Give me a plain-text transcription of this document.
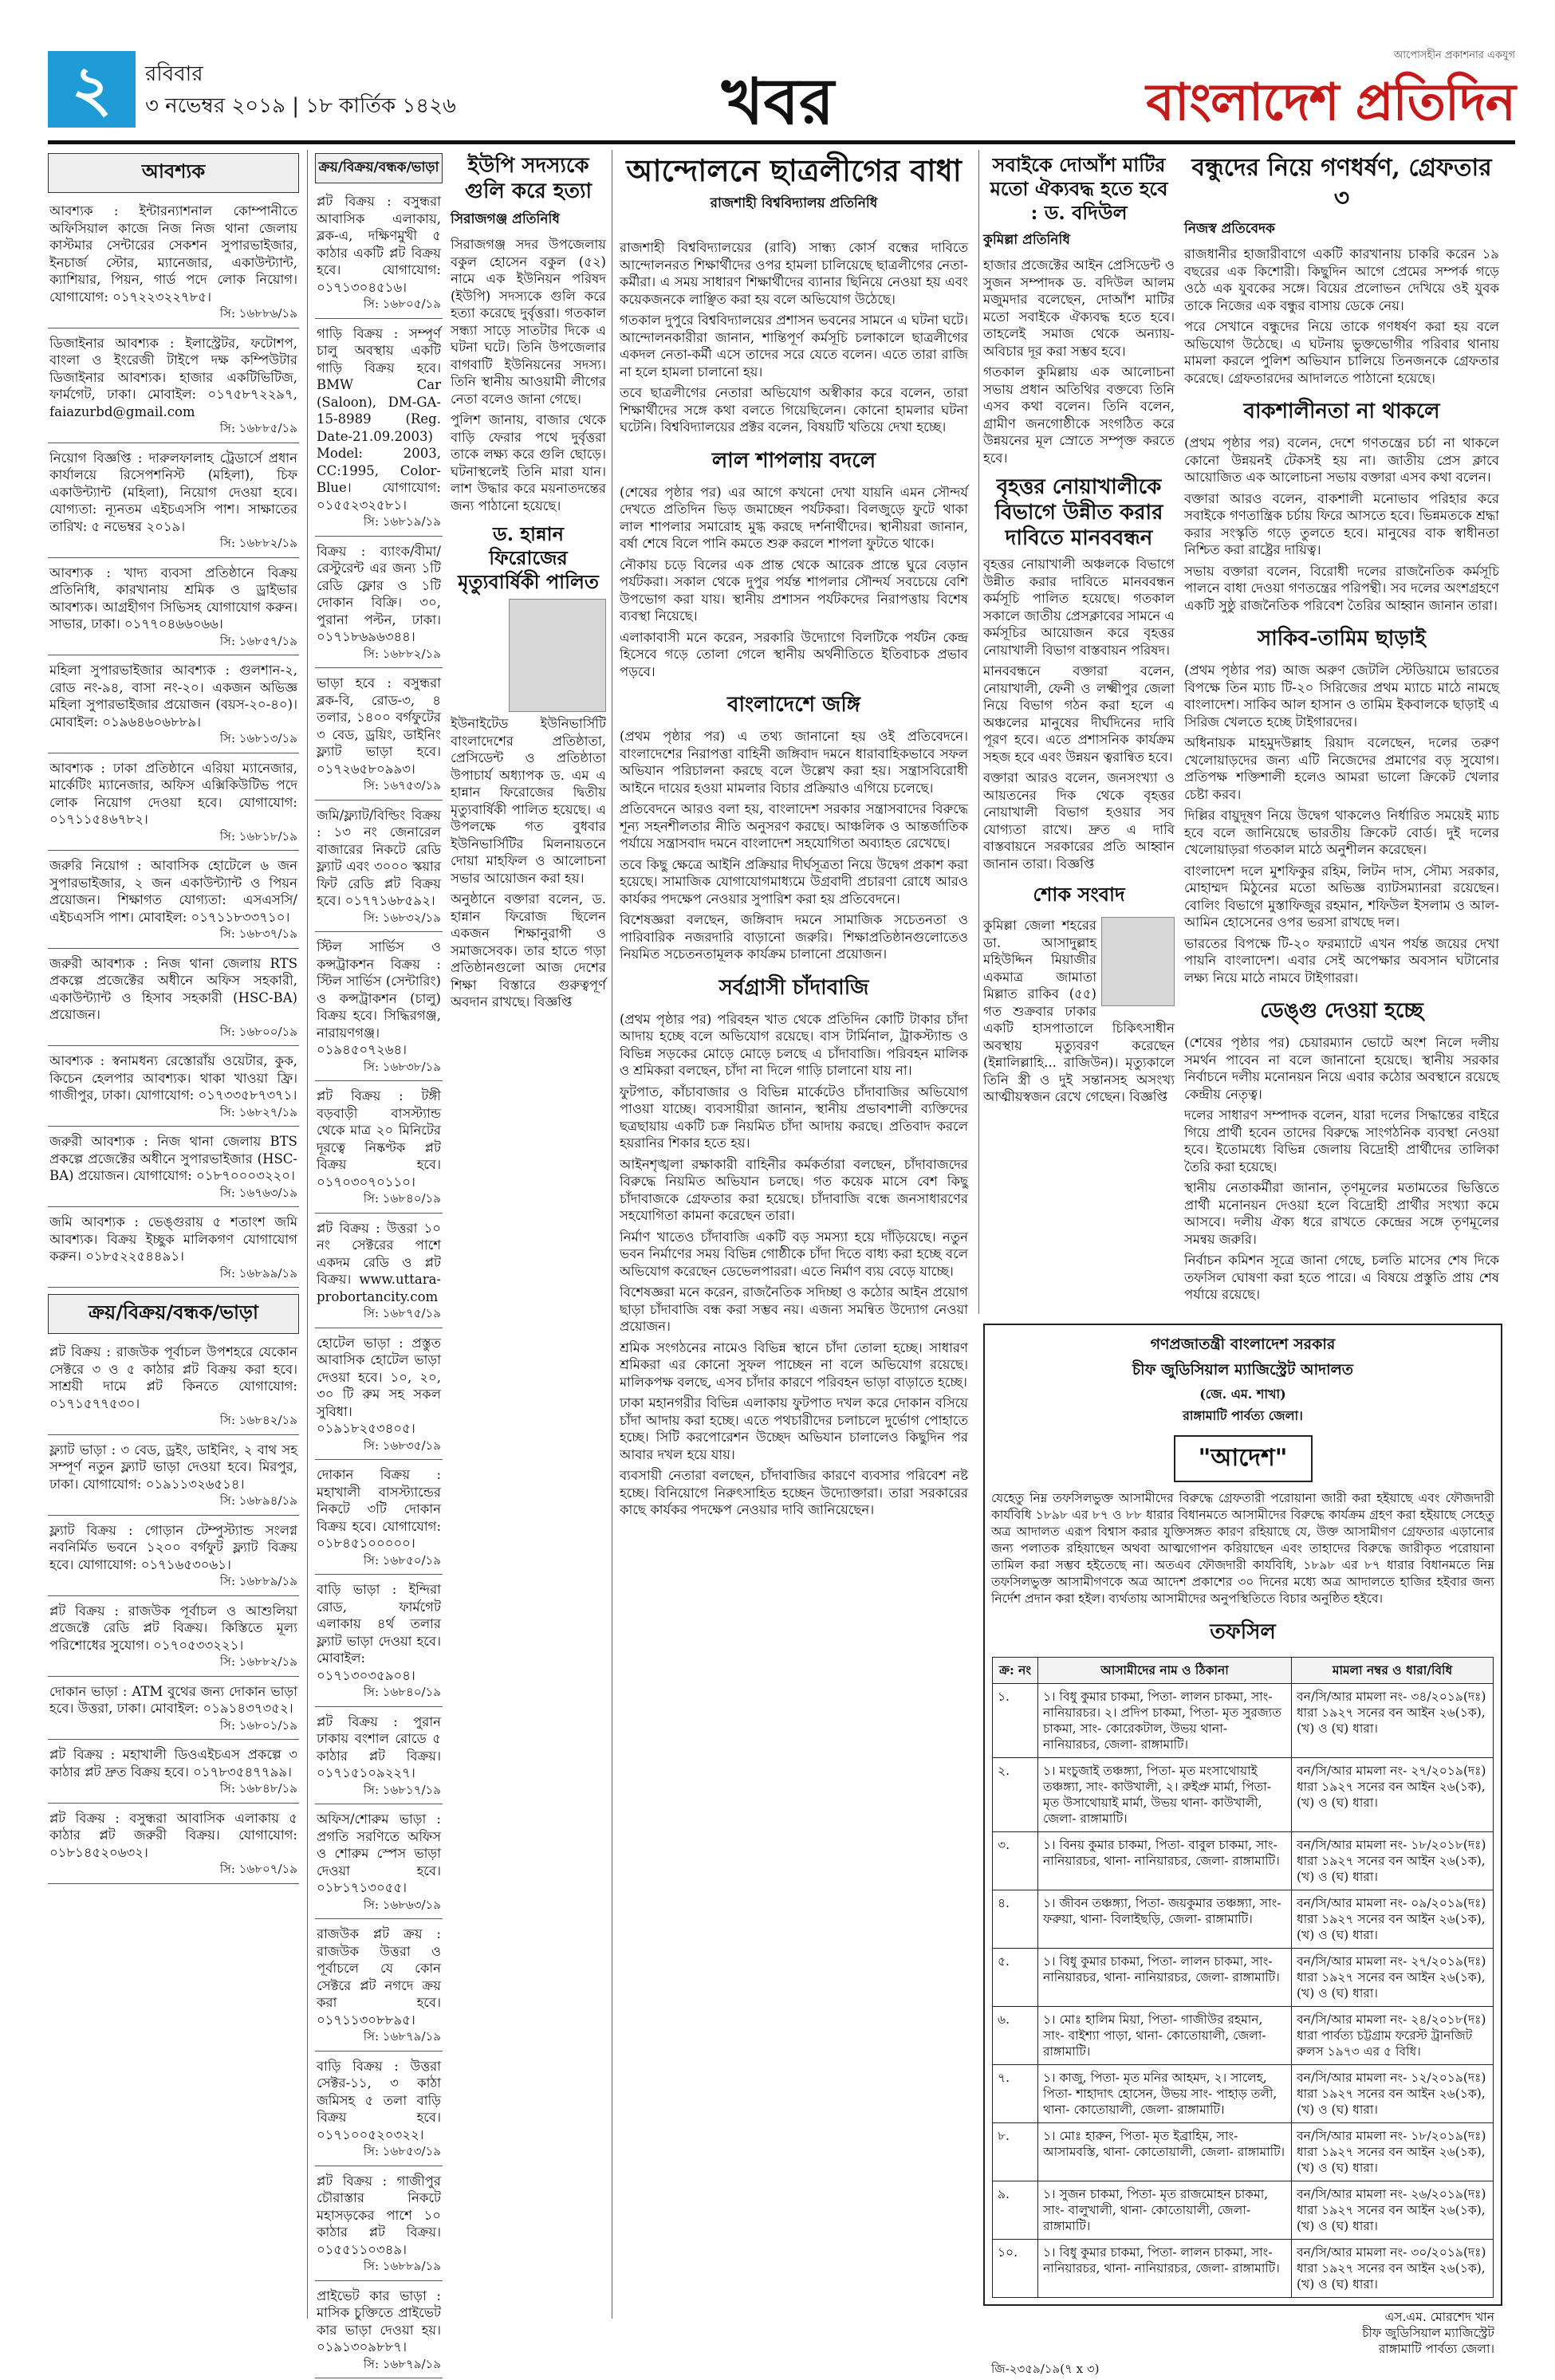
২	রবিবার
৩ নভেম্বর ২০১৯ | ১৮ কার্তিক ১৪২৬	খবর
আপোসহীন প্রকাশনার একযুগ
বাংলাদেশ প্রতিদিন
আবশ্যক
আবশ্যক : ইন্টারন্যাশনাল কোম্পানীতে অফিসিয়াল কাজে নিজ নিজ থানা জেলায় কাস্টমার সেন্টারের সেকশন সুপারভাইজার, ইনচার্জ স্টোর, ম্যানেজার, একাউন্ট্যান্ট, ক্যাশিয়ার, পিয়ন, গার্ড পদে লোক নিয়োগ। যোগাযোগ: ০১৭২২৩২২৭৮৫।
সি: ১৬৮৮৬/১৯
ডিজাইনার আবশ্যক : ইলাস্ট্রেটর, ফটোশপ, বাংলা ও ইংরেজী টাইপে দক্ষ কম্পিউটার ডিজাইনার আবশ্যক। হাজার একটিভিটিজ, ফার্মগেট, ঢাকা। মোবাইল: ০১৭৫৮৭২২৯৭, faiazurbd@gmail.com
সি: ১৬৮৮৫/১৯
নিয়োগ বিজ্ঞপ্তি : দারুলফালাহ ট্রেডার্সে প্রধান কার্যালয়ে রিসেপশনিস্ট (মহিলা), চিফ একাউন্ট্যান্ট (মহিলা), নিয়োগ দেওয়া হবে। যোগ্যতা: ন্যূনতম এইচএসসি পাশ। সাক্ষাতের তারিখ: ৫ নভেম্বর ২০১৯।
সি: ১৬৮৮২/১৯
আবশ্যক : খাদ্য ব্যবসা প্রতিষ্ঠানে বিক্রয় প্রতিনিধি, কারখানায় শ্রমিক ও ড্রাইভার আবশ্যক। আগ্রহীগণ সিভিসহ যোগাযোগ করুন। সাভার, ঢাকা। ০১৭৭০৪৬৬০৬৬।
সি: ১৬৮৫৭/১৯
মহিলা সুপারভাইজার আবশ্যক : গুলশান-২, রোড নং-৯৪, বাসা নং-২০। একজন অভিজ্ঞ মহিলা সুপারভাইজার প্রয়োজন (বয়স-২০-৪০)। মোবাইল: ০১৯৬৪৬০৬৮৮৯।
সি: ১৬৮১৩/১৯
আবশ্যক : ঢাকা প্রতিষ্ঠানে এরিয়া ম্যানেজার, মার্কেটিং ম্যানেজার, অফিস এক্সিকিউটিভ পদে লোক নিয়োগ দেওয়া হবে। যোগাযোগ: ০১৭১১৫৪৬৭৮২।
সি: ১৬৮১৮/১৯
জরুরি নিয়োগ : আবাসিক হোটেলে ৬ জন সুপারভাইজার, ২ জন একাউন্ট্যান্ট ও পিয়ন প্রয়োজন। শিক্ষাগত যোগ্যতা: এসএসসি/এইচএসসি পাশ। মোবাইল: ০১৭১১৮৩৩৭১০।
সি: ১৬৮৩৭/১৯
জরুরী আবশ্যক : নিজ থানা জেলায় RTS প্রকল্পে প্রজেক্টের অধীনে অফিস সহকারী, একাউন্ট্যান্ট ও হিসাব সহকারী (HSC-BA) প্রয়োজন।
সি: ১৬৮০০/১৯
আবশ্যক : স্বনামধন্য রেস্তোরাঁয় ওয়েটার, কুক, কিচেন হেলপার আবশ্যক। থাকা খাওয়া ফ্রি। গাজীপুর, ঢাকা। যোগাযোগ: ০১৭৩৩৫৮৭৩৭১।
সি: ১৬৮২৭/১৯
জরুরী আবশ্যক : নিজ থানা জেলায় BTS প্রকল্পে প্রজেক্টের অধীনে সুপারভাইজার (HSC-BA) প্রয়োজন। যোগাযোগ: ০১৮৭০০০৩২২০।
সি: ১৬৭৬৩/১৯
জমি আবশ্যক : ভেঙ্গুরায় ৫ শতাংশ জমি আবশ্যক। বিক্রয় ইচ্ছুক মালিকগণ যোগাযোগ করুন। ০১৮৫২২৫৪৪৯১।
সি: ১৬৮৯৯/১৯
ক্রয়/বিক্রয়/বন্ধক/ভাড়া
প্লট বিক্রয় : রাজউক পূর্বাচল উপশহরে যেকোন সেক্টরে ৩ ও ৫ কাঠার প্লট বিক্রয় করা হবে। সাশ্রয়ী দামে প্লট কিনতে যোগাযোগ: ০১৭১৫৭৭৫৩০।
সি: ১৬৮৪২/১৯
ফ্ল্যাট ভাড়া : ৩ বেড, ড্রইং, ডাইনিং, ২ বাথ সহ সম্পূর্ণ নতুন ফ্ল্যাট ভাড়া দেওয়া হবে। মিরপুর, ঢাকা। যোগাযোগ: ০১৯১১৩২৬৫১৪।
সি: ১৬৮৯৪/১৯
ফ্ল্যাট বিক্রয় : গোড়ান টেম্পুস্ট্যান্ড সংলগ্ন নবনির্মিত ভবনে ১২০০ বর্গফুট ফ্ল্যাট বিক্রয় হবে। যোগাযোগ: ০১৭১৬৫৩০৬১।
সি: ১৬৮৮৯/১৯
প্লট বিক্রয় : রাজউক পূর্বাচল ও আশুলিয়া প্রজেক্টে রেডি প্লট বিক্রয়। কিস্তিতে মূল্য পরিশোধের সুযোগ। ০১৭০৫৩৩২২১।
সি: ১৬৮৮২/১৯
দোকান ভাড়া : ATM বুথের জন্য দোকান ভাড়া হবে। উত্তরা, ঢাকা। মোবাইল: ০১৯১৪৩৭৩৫২।
সি: ১৬৮০১/১৯
প্লট বিক্রয় : মহাখালী ডিওএইচএস প্রকল্পে ৩ কাঠার প্লট দ্রুত বিক্রয় হবে। ০১৭৮৩৫৪৭৭৯৯।
সি: ১৬৮৪৮/১৯
প্লট বিক্রয় : বসুন্ধরা আবাসিক এলাকায় ৫ কাঠার প্লট জরুরী বিক্রয়। যোগাযোগ: ০১৮১৪৫২০৬৩২।
সি: ১৬৮০৭/১৯
ক্রয়/বিক্রয়/বন্ধক/ভাড়া
প্লট বিক্রয় : বসুন্ধরা আবাসিক এলাকায়, ব্লক-এ, দক্ষিণমুখী ৫ কাঠার একটি প্লট বিক্রয় হবে। যোগাযোগ: ০১৭১৩০৪৫১৬।
সি: ১৬৮০৫/১৯
গাড়ি বিক্রয় : সম্পূর্ণ চালু অবস্থায় একটি গাড়ি বিক্রয় হবে। BMW Car (Saloon), DM-GA-15-8989 (Reg. Date-21.09.2003) Model: 2003, CC:1995, Color-Blue। যোগাযোগ: ০১৫৫২৩২৫৮১।
সি: ১৬৮১৯/১৯
বিক্রয় : ব্যাংক/বীমা/রেস্টুরেন্ট এর জন্য ১টি রেডি ফ্লোর ও ১টি দোকান বিক্রি। ৩০, পুরানা পল্টন, ঢাকা। ০১৭১৮৬৯৬৩৪৪।
সি: ১৬৮৮২/১৯
ভাড়া হবে : বসুন্ধরা ব্লক-বি, রোড-৩, ৪ তলার, ১৪০০ বর্গফুটের ৩ বেড, ড্রয়িং, ডাইনিং ফ্ল্যাট ভাড়া হবে। ০১৭২৬৫৮০৯৯৩।
সি: ১৬৭৫৩/১৯
জমি/ফ্ল্যাট/বিল্ডিং বিক্রয় : ১৩ নং জেনারেল বাজারের নিকটে রেডি ফ্ল্যাট এবং ৩০০০ স্কয়ার ফিট রেডি প্লট বিক্রয় হবে। ০১৭৭১৬৮৫৯২।
সি: ১৬৮৩২/১৯
স্টিল সার্ভিস ও কন্সট্রাকশন বিক্রয় : স্টিল সার্ভিস (সেন্টারিং) ও কন্সট্রাকশন (চালু) বিক্রয় হবে। সিদ্ধিরগঞ্জ, নারায়ণগঞ্জ। ০১৯৪৫০৭২৬৪।
সি: ১৬৮৩৮/১৯
প্লট বিক্রয় : টঙ্গী বড়বাড়ী বাসস্ট্যান্ড থেকে মাত্র ২০ মিনিটের দূরত্বে নিষ্কণ্টক প্লট বিক্রয় হবে। ০১৭০৩০৭০১১০।
সি: ১৬৮৪০/১৯
প্লট বিক্রয় : উত্তরা ১০ নং সেক্টরের পাশে একদম রেডি ও প্লট বিক্রয়। www.uttara-probortancity.com
সি: ১৬৮৭৫/১৯
হোটেল ভাড়া : প্রস্তুত আবাসিক হোটেল ভাড়া দেওয়া হবে। ১০, ২০, ৩০ টি রুম সহ সকল সুবিধা। ০১৯১৮২৫৩৪০৫।
সি: ১৬৮৩৫/১৯
দোকান বিক্রয় : মহাখালী বাসস্ট্যান্ডের নিকটে ৩টি দোকান বিক্রয় হবে। যোগাযোগ: ০১৮৪৫১০০০০০।
সি: ১৬৮৫০/১৯
বাড়ি ভাড়া : ইন্দিরা রোড, ফার্মগেট এলাকায় ৪র্থ তলার ফ্ল্যাট ভাড়া দেওয়া হবে। মোবাইল: ০১৭১৩০৩৫৯০৪।
সি: ১৬৮৪০/১৯
প্লট বিক্রয় : পুরান ঢাকায় বংশাল রোডে ৫ কাঠার প্লট বিক্রয়। ০১৭১৫১০৯২২৭।
সি: ১৬৮১৭/১৯
অফিস/শোরুম ভাড়া : প্রগতি সরণিতে অফিস ও শোরুম স্পেস ভাড়া দেওয়া হবে। ০১৮১৭১৩০৫৫।
সি: ১৬৮৬৩/১৯
রাজউক প্লট ক্রয় : রাজউক উত্তরা ও পূর্বাচলে যে কোন সেক্টরে প্লট নগদে ক্রয় করা হবে। ০১৭১১৩০৮৮৯৫।
সি: ১৬৮৭৯/১৯
বাড়ি বিক্রয় : উত্তরা সেক্টর-১১, ৩ কাঠা জমিসহ ৫ তলা বাড়ি বিক্রয় হবে। ০১৭১০০৫২০৩২২।
সি: ১৬৮৫৩/১৯
প্লট বিক্রয় : গাজীপুর চৌরাস্তার নিকটে মহাসড়কের পাশে ১০ কাঠার প্লট বিক্রয়। ০১৫৫১১০৩৪৯।
সি: ১৬৮৮৯/১৯
প্রাইভেট কার ভাড়া : মাসিক চুক্তিতে প্রাইভেট কার ভাড়া দেওয়া হয়। ০১৯১৩০৯৮৮৭।
সি: ১৬৮৭৯/১৯
ইউপি সদস্যকে গুলি করে হত্যা
সিরাজগঞ্জ প্রতিনিধি

সিরাজগঞ্জ সদর উপজেলায় বকুল হোসেন বকুল (৫২) নামে এক ইউনিয়ন পরিষদ (ইউপি) সদস্যকে গুলি করে হত্যা করেছে দুর্বৃত্তরা। গতকাল সন্ধ্যা সাড়ে সাতটার দিকে এ ঘটনা ঘটে। তিনি উপজেলার বাগবাটি ইউনিয়নের সদস্য। তিনি স্থানীয় আওয়ামী লীগের নেতা বলেও জানা গেছে।

পুলিশ জানায়, বাজার থেকে বাড়ি ফেরার পথে দুর্বৃত্তরা তাকে লক্ষ্য করে গুলি ছোড়ে। ঘটনাস্থলেই তিনি মারা যান। লাশ উদ্ধার করে ময়নাতদন্তের জন্য পাঠানো হয়েছে।

ড. হান্নান ফিরোজের মৃত্যুবার্ষিকী পালিত

ইউনাইটেড ইউনিভার্সিটি বাংলাদেশের প্রতিষ্ঠাতা, প্রেসিডেন্ট ও প্রতিষ্ঠাতা উপাচার্য অধ্যাপক ড. এম এ হান্নান ফিরোজের দ্বিতীয় মৃত্যুবার্ষিকী পালিত হয়েছে। এ উপলক্ষে গত বুধবার ইউনিভার্সিটির মিলনায়তনে দোয়া মাহফিল ও আলোচনা সভার আয়োজন করা হয়।

অনুষ্ঠানে বক্তারা বলেন, ড. হান্নান ফিরোজ ছিলেন একজন শিক্ষানুরাগী ও সমাজসেবক। তার হাতে গড়া প্রতিষ্ঠানগুলো আজ দেশের শিক্ষা বিস্তারে গুরুত্বপূর্ণ অবদান রাখছে। বিজ্ঞপ্তি

আন্দোলনে ছাত্রলীগের বাধা
রাজশাহী বিশ্ববিদ্যালয় প্রতিনিধি

রাজশাহী বিশ্ববিদ্যালয়ের (রাবি) সান্ধ্য কোর্স বন্ধের দাবিতে আন্দোলনরত শিক্ষার্থীদের ওপর হামলা চালিয়েছে ছাত্রলীগের নেতা-কর্মীরা। এ সময় সাধারণ শিক্ষার্থীদের ব্যানার ছিনিয়ে নেওয়া হয় এবং কয়েকজনকে লাঞ্ছিত করা হয় বলে অভিযোগ উঠেছে।

গতকাল দুপুরে বিশ্ববিদ্যালয়ের প্রশাসন ভবনের সামনে এ ঘটনা ঘটে। আন্দোলনকারীরা জানান, শান্তিপূর্ণ কর্মসূচি চলাকালে ছাত্রলীগের একদল নেতা-কর্মী এসে তাদের সরে যেতে বলেন। এতে তারা রাজি না হলে হামলা চালানো হয়।

তবে ছাত্রলীগের নেতারা অভিযোগ অস্বীকার করে বলেন, তারা শিক্ষার্থীদের সঙ্গে কথা বলতে গিয়েছিলেন। কোনো হামলার ঘটনা ঘটেনি। বিশ্ববিদ্যালয়ের প্রক্টর বলেন, বিষয়টি খতিয়ে দেখা হচ্ছে।

লাল শাপলায় বদলে

(শেষের পৃষ্ঠার পর) এর আগে কখনো দেখা যায়নি এমন সৌন্দর্য দেখতে প্রতিদিন ভিড় জমাচ্ছেন পর্যটকরা। বিলজুড়ে ফুটে থাকা লাল শাপলার সমারোহ মুগ্ধ করছে দর্শনার্থীদের। স্থানীয়রা জানান, বর্ষা শেষে বিলে পানি কমতে শুরু করলে শাপলা ফুটতে থাকে।

নৌকায় চড়ে বিলের এক প্রান্ত থেকে আরেক প্রান্তে ঘুরে বেড়ান পর্যটকরা। সকাল থেকে দুপুর পর্যন্ত শাপলার সৌন্দর্য সবচেয়ে বেশি উপভোগ করা যায়। স্থানীয় প্রশাসন পর্যটকদের নিরাপত্তায় বিশেষ ব্যবস্থা নিয়েছে।

এলাকাবাসী মনে করেন, সরকারি উদ্যোগে বিলটিকে পর্যটন কেন্দ্র হিসেবে গড়ে তোলা গেলে স্থানীয় অর্থনীতিতে ইতিবাচক প্রভাব পড়বে।

বাংলাদেশে জঙ্গি

(প্রথম পৃষ্ঠার পর) এ তথ্য জানানো হয় ওই প্রতিবেদনে। বাংলাদেশের নিরাপত্তা বাহিনী জঙ্গিবাদ দমনে ধারাবাহিকভাবে সফল অভিযান পরিচালনা করছে বলে উল্লেখ করা হয়। সন্ত্রাসবিরোধী আইনে দায়ের হওয়া মামলার বিচার প্রক্রিয়াও এগিয়ে চলেছে।

প্রতিবেদনে আরও বলা হয়, বাংলাদেশ সরকার সন্ত্রাসবাদের বিরুদ্ধে শূন্য সহনশীলতার নীতি অনুসরণ করছে। আঞ্চলিক ও আন্তর্জাতিক পর্যায়ে সন্ত্রাসবাদ দমনে বাংলাদেশ সহযোগিতা অব্যাহত রেখেছে।

তবে কিছু ক্ষেত্রে আইনি প্রক্রিয়ার দীর্ঘসূত্রতা নিয়ে উদ্বেগ প্রকাশ করা হয়েছে। সামাজিক যোগাযোগমাধ্যমে উগ্রবাদী প্রচারণা রোধে আরও কার্যকর পদক্ষেপ নেওয়ার সুপারিশ করা হয় প্রতিবেদনে।

বিশেষজ্ঞরা বলছেন, জঙ্গিবাদ দমনে সামাজিক সচেতনতা ও পারিবারিক নজরদারি বাড়ানো জরুরি। শিক্ষাপ্রতিষ্ঠানগুলোতেও নিয়মিত সচেতনতামূলক কার্যক্রম চালানো প্রয়োজন।

সর্বগ্রাসী চাঁদাবাজি

(প্রথম পৃষ্ঠার পর) পরিবহন খাত থেকে প্রতিদিন কোটি টাকার চাঁদা আদায় হচ্ছে বলে অভিযোগ রয়েছে। বাস টার্মিনাল, ট্রাকস্ট্যান্ড ও বিভিন্ন সড়কের মোড়ে মোড়ে চলছে এ চাঁদাবাজি। পরিবহন মালিক ও শ্রমিকরা বলছেন, চাঁদা না দিলে গাড়ি চালানো যায় না।

ফুটপাত, কাঁচাবাজার ও বিভিন্ন মার্কেটেও চাঁদাবাজির অভিযোগ পাওয়া যাচ্ছে। ব্যবসায়ীরা জানান, স্থানীয় প্রভাবশালী ব্যক্তিদের ছত্রছায়ায় একটি চক্র নিয়মিত চাঁদা আদায় করছে। প্রতিবাদ করলে হয়রানির শিকার হতে হয়।

আইনশৃঙ্খলা রক্ষাকারী বাহিনীর কর্মকর্তারা বলছেন, চাঁদাবাজদের বিরুদ্ধে নিয়মিত অভিযান চলছে। গত কয়েক মাসে বেশ কিছু চাঁদাবাজকে গ্রেফতার করা হয়েছে। চাঁদাবাজি বন্ধে জনসাধারণের সহযোগিতা কামনা করেছেন তারা।

নির্মাণ খাতেও চাঁদাবাজি একটি বড় সমস্যা হয়ে দাঁড়িয়েছে। নতুন ভবন নির্মাণের সময় বিভিন্ন গোষ্ঠীকে চাঁদা দিতে বাধ্য করা হচ্ছে বলে অভিযোগ করেছেন ডেভেলপাররা। এতে নির্মাণ ব্যয় বেড়ে যাচ্ছে।

বিশেষজ্ঞরা মনে করেন, রাজনৈতিক সদিচ্ছা ও কঠোর আইন প্রয়োগ ছাড়া চাঁদাবাজি বন্ধ করা সম্ভব নয়। এজন্য সমন্বিত উদ্যোগ নেওয়া প্রয়োজন।

শ্রমিক সংগঠনের নামেও বিভিন্ন স্থানে চাঁদা তোলা হচ্ছে। সাধারণ শ্রমিকরা এর কোনো সুফল পাচ্ছেন না বলে অভিযোগ রয়েছে। মালিকপক্ষ বলছে, এসব চাঁদার কারণে পরিবহন ভাড়া বাড়াতে হচ্ছে।

ঢাকা মহানগরীর বিভিন্ন এলাকায় ফুটপাত দখল করে দোকান বসিয়ে চাঁদা আদায় করা হচ্ছে। এতে পথচারীদের চলাচলে দুর্ভোগ পোহাতে হচ্ছে। সিটি করপোরেশন উচ্ছেদ অভিযান চালালেও কিছুদিন পর আবার দখল হয়ে যায়।

ব্যবসায়ী নেতারা বলছেন, চাঁদাবাজির কারণে ব্যবসার পরিবেশ নষ্ট হচ্ছে। বিনিয়োগে নিরুৎসাহিত হচ্ছেন উদ্যোক্তারা। তারা সরকারের কাছে কার্যকর পদক্ষেপ নেওয়ার দাবি জানিয়েছেন।

সবাইকে দোআঁশ মাটির মতো ঐক্যবদ্ধ হতে হবে : ড. বদিউল
কুমিল্লা প্রতিনিধি

হাজার প্রজেক্টের আইন প্রেসিডেন্ট ও সুজন সম্পাদক ড. বদিউল আলম মজুমদার বলেছেন, দোআঁশ মাটির মতো সবাইকে ঐক্যবদ্ধ হতে হবে। তাহলেই সমাজ থেকে অন্যায়-অবিচার দূর করা সম্ভব হবে।

গতকাল কুমিল্লায় এক আলোচনা সভায় প্রধান অতিথির বক্তব্যে তিনি এসব কথা বলেন। তিনি বলেন, গ্রামীণ জনগোষ্ঠীকে সংগঠিত করে উন্নয়নের মূল স্রোতে সম্পৃক্ত করতে হবে।

বৃহত্তর নোয়াখালীকে বিভাগে উন্নীত করার দাবিতে মানববন্ধন

বৃহত্তর নোয়াখালী অঞ্চলকে বিভাগে উন্নীত করার দাবিতে মানববন্ধন কর্মসূচি পালিত হয়েছে। গতকাল সকালে জাতীয় প্রেসক্লাবের সামনে এ কর্মসূচির আয়োজন করে বৃহত্তর নোয়াখালী বিভাগ বাস্তবায়ন পরিষদ।

মানববন্ধনে বক্তারা বলেন, নোয়াখালী, ফেনী ও লক্ষ্মীপুর জেলা নিয়ে বিভাগ গঠন করা হলে এ অঞ্চলের মানুষের দীর্ঘদিনের দাবি পূরণ হবে। এতে প্রশাসনিক কার্যক্রম সহজ হবে এবং উন্নয়ন ত্বরান্বিত হবে।

বক্তারা আরও বলেন, জনসংখ্যা ও আয়তনের দিক থেকে বৃহত্তর নোয়াখালী বিভাগ হওয়ার সব যোগ্যতা রাখে। দ্রুত এ দাবি বাস্তবায়নে সরকারের প্রতি আহ্বান জানান তারা। বিজ্ঞপ্তি

শোক সংবাদ

কুমিল্লা জেলা শহরের ডা. আসাদুল্লাহ মহিউদ্দিন মিয়াজীর একমাত্র জামাতা মিল্লাত রাকিব (৫৫) গত শুক্রবার ঢাকার একটি হাসপাতালে চিকিৎসাধীন অবস্থায় মৃত্যুবরণ করেছেন (ইন্নালিল্লাহি... রাজিউন)। মৃত্যুকালে তিনি স্ত্রী ও দুই সন্তানসহ অসংখ্য আত্মীয়স্বজন রেখে গেছেন। বিজ্ঞপ্তি

বন্ধুদের নিয়ে গণধর্ষণ, গ্রেফতার ৩
নিজস্ব প্রতিবেদক

রাজধানীর হাজারীবাগে একটি কারখানায় চাকরি করেন ১৯ বছরের এক কিশোরী। কিছুদিন আগে প্রেমের সম্পর্ক গড়ে ওঠে এক যুবকের সঙ্গে। বিয়ের প্রলোভন দেখিয়ে ওই যুবক তাকে নিজের এক বন্ধুর বাসায় ডেকে নেয়।

পরে সেখানে বন্ধুদের নিয়ে তাকে গণধর্ষণ করা হয় বলে অভিযোগ উঠেছে। এ ঘটনায় ভুক্তভোগীর পরিবার থানায় মামলা করলে পুলিশ অভিযান চালিয়ে তিনজনকে গ্রেফতার করেছে। গ্রেফতারদের আদালতে পাঠানো হয়েছে।

বাকশালীনতা না থাকলে

(প্রথম পৃষ্ঠার পর) বলেন, দেশে গণতন্ত্রের চর্চা না থাকলে কোনো উন্নয়নই টেকসই হয় না। জাতীয় প্রেস ক্লাবে আয়োজিত এক আলোচনা সভায় বক্তারা এসব কথা বলেন।

বক্তারা আরও বলেন, বাকশালী মনোভাব পরিহার করে সবাইকে গণতান্ত্রিক চর্চায় ফিরে আসতে হবে। ভিন্নমতকে শ্রদ্ধা করার সংস্কৃতি গড়ে তুলতে হবে। মানুষের বাক স্বাধীনতা নিশ্চিত করা রাষ্ট্রের দায়িত্ব।

সভায় বক্তারা বলেন, বিরোধী দলের রাজনৈতিক কর্মসূচি পালনে বাধা দেওয়া গণতন্ত্রের পরিপন্থী। সব দলের অংশগ্রহণে একটি সুষ্ঠু রাজনৈতিক পরিবেশ তৈরির আহ্বান জানান তারা।

সাকিব-তামিম ছাড়াই

(প্রথম পৃষ্ঠার পর) আজ অরুণ জেটলি স্টেডিয়ামে ভারতের বিপক্ষে তিন ম্যাচ টি-২০ সিরিজের প্রথম ম্যাচে মাঠে নামছে বাংলাদেশ। সাকিব আল হাসান ও তামিম ইকবালকে ছাড়াই এ সিরিজ খেলতে হচ্ছে টাইগারদের।

অধিনায়ক মাহমুদউল্লাহ রিয়াদ বলেছেন, দলের তরুণ খেলোয়াড়দের জন্য এটি নিজেদের প্রমাণের বড় সুযোগ। প্রতিপক্ষ শক্তিশালী হলেও আমরা ভালো ক্রিকেট খেলার চেষ্টা করব।

দিল্লির বায়ুদূষণ নিয়ে উদ্বেগ থাকলেও নির্ধারিত সময়েই ম্যাচ হবে বলে জানিয়েছে ভারতীয় ক্রিকেট বোর্ড। দুই দলের খেলোয়াড়রা গতকাল মাঠে অনুশীলন করেছেন।

বাংলাদেশ দলে মুশফিকুর রহিম, লিটন দাস, সৌম্য সরকার, মোহাম্মদ মিঠুনের মতো অভিজ্ঞ ব্যাটসম্যানরা রয়েছেন। বোলিং বিভাগে মুস্তাফিজুর রহমান, শফিউল ইসলাম ও আল-আমিন হোসেনের ওপর ভরসা রাখছে দল।

ভারতের বিপক্ষে টি-২০ ফরম্যাটে এখন পর্যন্ত জয়ের দেখা পায়নি বাংলাদেশ। এবার সেই অপেক্ষার অবসান ঘটানোর লক্ষ্য নিয়ে মাঠে নামবে টাইগাররা।

ডেঙ্গু দেওয়া হচ্ছে

(শেষের পৃষ্ঠার পর) চেয়ারম্যান ভোটে অংশ নিলে দলীয় সমর্থন পাবেন না বলে জানানো হয়েছে। স্থানীয় সরকার নির্বাচনে দলীয় মনোনয়ন নিয়ে এবার কঠোর অবস্থানে রয়েছে কেন্দ্রীয় নেতৃত্ব।

দলের সাধারণ সম্পাদক বলেন, যারা দলের সিদ্ধান্তের বাইরে গিয়ে প্রার্থী হবেন তাদের বিরুদ্ধে সাংগঠনিক ব্যবস্থা নেওয়া হবে। ইতোমধ্যে বিভিন্ন জেলায় বিদ্রোহী প্রার্থীদের তালিকা তৈরি করা হয়েছে।

স্থানীয় নেতাকর্মীরা জানান, তৃণমূলের মতামতের ভিত্তিতে প্রার্থী মনোনয়ন দেওয়া হলে বিদ্রোহী প্রার্থীর সংখ্যা কমে আসবে। দলীয় ঐক্য ধরে রাখতে কেন্দ্রের সঙ্গে তৃণমূলের সমন্বয় জরুরি।

নির্বাচন কমিশন সূত্রে জানা গেছে, চলতি মাসের শেষ দিকে তফসিল ঘোষণা করা হতে পারে। এ বিষয়ে প্রস্তুতি প্রায় শেষ পর্যায়ে রয়েছে।

গণপ্রজাতন্ত্রী বাংলাদেশ সরকার
চীফ জুডিসিয়াল ম্যাজিস্ট্রেট আদালত
(জে. এম. শাখা)
রাঙ্গামাটি পার্বত্য জেলা।
"আদেশ"
যেহেতু নিম্ন তফসিলভুক্ত আসামীদের বিরুদ্ধে গ্রেফতারী পরোয়ানা জারী করা হইয়াছে এবং ফৌজদারী কার্যবিধি ১৮৯৮ এর ৮৭ ও ৮৮ ধারার বিধানমতে আসামীদের বিরুদ্ধে কার্যক্রম গ্রহণ করা হইয়াছে সেহেতু অত্র আদালত এরূপ বিশ্বাস করার যুক্তিসঙ্গত কারণ রহিয়াছে যে, উক্ত আসামীগণ গ্রেফতার এড়ানোর জন্য পলাতক রহিয়াছেন অথবা আত্মগোপন করিয়াছেন এবং তাহাদের বিরুদ্ধে জারীকৃত পরোয়ানা তামিল করা সম্ভব হইতেছে না। অতএব ফৌজদারী কার্যবিধি, ১৮৯৮ এর ৮৭ ধারার বিধানমতে নিম্ন তফসিলভুক্ত আসামীগণকে অত্র আদেশ প্রকাশের ৩০ দিনের মধ্যে অত্র আদালতে হাজির হইবার জন্য নির্দেশ প্রদান করা হইল। ব্যর্থতায় আসামীদের অনুপস্থিতিতে বিচার অনুষ্ঠিত হইবে।
তফসিল
ক্র: নং	আসামীদের নাম ও ঠিকানা	মামলা নম্বর ও ধারা/বিধি
১.	১। বিধু কুমার চাকমা, পিতা- লালন চাকমা, সাং- নানিয়ারচর। ২। প্রদিপ চাকমা, পিতা- মৃত সুরজ্যত চাকমা, সাং- কোরেকটাল, উভয় থানা- নানিয়ারচর, জেলা- রাঙ্গামাটি।	বন/সি/আর মামলা নং- ৩৪/২০১৯(দঃ) ধারা ১৯২৭ সনের বন আইন ২৬(১ক), (খ) ও (ঘ) ধারা।
২.	১। মংচুজাই তঞ্চঙ্গ্যা, পিতা- মৃত মংসাথোয়াই তঞ্চঙ্গ্যা, সাং- কাউখালী, ২। রুইপ্রু মার্মা, পিতা- মৃত উসাথোয়াই মার্মা, উভয় থানা- কাউখালী, জেলা- রাঙ্গামাটি।	বন/সি/আর মামলা নং- ২৭/২০১৯(দঃ) ধারা ১৯২৭ সনের বন আইন ২৬(১ক), (খ) ও (ঘ) ধারা।
৩.	১। বিনয় কুমার চাকমা, পিতা- বাবুল চাকমা, সাং- নানিয়ারচর, থানা- নানিয়ারচর, জেলা- রাঙ্গামাটি।	বন/সি/আর মামলা নং- ১৮/২০১৮(দঃ) ধারা ১৯২৭ সনের বন আইন ২৬(১ক), (খ) ও (ঘ) ধারা।
৪.	১। জীবন তঞ্চঙ্গ্যা, পিতা- জয়কুমার তঞ্চঙ্গ্যা, সাং- ফরুয়া, থানা- বিলাইছড়ি, জেলা- রাঙ্গামাটি।	বন/সি/আর মামলা নং- ০৯/২০১৯(দঃ) ধারা ১৯২৭ সনের বন আইন ২৬(১ক), (খ) ও (ঘ) ধারা।
৫.	১। বিধু কুমার চাকমা, পিতা- লালন চাকমা, সাং- নানিয়ারচর, থানা- নানিয়ারচর, জেলা- রাঙ্গামাটি।	বন/সি/আর মামলা নং- ২৭/২০১৯(দঃ) ধারা ১৯২৭ সনের বন আইন ২৬(১ক), (খ) ও (ঘ) ধারা।
৬.	১। মোঃ হালিম মিয়া, পিতা- গাজীউর রহমান, সাং- বাইশ্যা পাড়া, থানা- কোতোয়ালী, জেলা- রাঙ্গামাটি।	বন/সি/আর মামলা নং- ২৪/২০১৮(দঃ) ধারা পার্বত্য চট্টগ্রাম ফরেস্ট ট্রানজিট রুলস ১৯৭৩ এর ৫ বিধি।
৭.	১। কাজু, পিতা- মৃত মনির আহমদ, ২। সালেহ, পিতা- শাহাদাৎ হোসেন, উভয় সাং- পাহাড় তলী, থানা- কোতোয়ালী, জেলা- রাঙ্গামাটি।	বন/সি/আর মামলা নং- ১২/২০১৯(দঃ) ধারা ১৯২৭ সনের বন আইন ২৬(১ক), (খ) ও (ঘ) ধারা।
৮.	১। মোঃ হারুন, পিতা- মৃত ইব্রাহিম, সাং- আসামবস্তি, থানা- কোতোয়ালী, জেলা- রাঙ্গামাটি।	বন/সি/আর মামলা নং- ১৮/২০১৯(দঃ) ধারা ১৯২৭ সনের বন আইন ২৬(১ক), (খ) ও (ঘ) ধারা।
৯.	১। সুজন চাকমা, পিতা- মৃত রাজমোহন চাকমা, সাং- বালুখালী, থানা- কোতোয়ালী, জেলা- রাঙ্গামাটি।	বন/সি/আর মামলা নং- ২৬/২০১৯(দঃ) ধারা ১৯২৭ সনের বন আইন ২৬(১ক), (খ) ও (ঘ) ধারা।
১০.	১। বিধু কুমার চাকমা, পিতা- লালন চাকমা, সাং- নানিয়ারচর, থানা- নানিয়ারচর, জেলা- রাঙ্গামাটি।	বন/সি/আর মামলা নং- ৩০/২০১৯(দঃ) ধারা ১৯২৭ সনের বন আইন ২৬(১ক), (খ) ও (ঘ) ধারা।
এস.এম. মোরশেদ খান
চীফ জুডিসিয়াল ম্যাজিস্ট্রেট
রাঙ্গামাটি পার্বত্য জেলা।
জি-২৩৫৯/১৯(৭ x ৩)
